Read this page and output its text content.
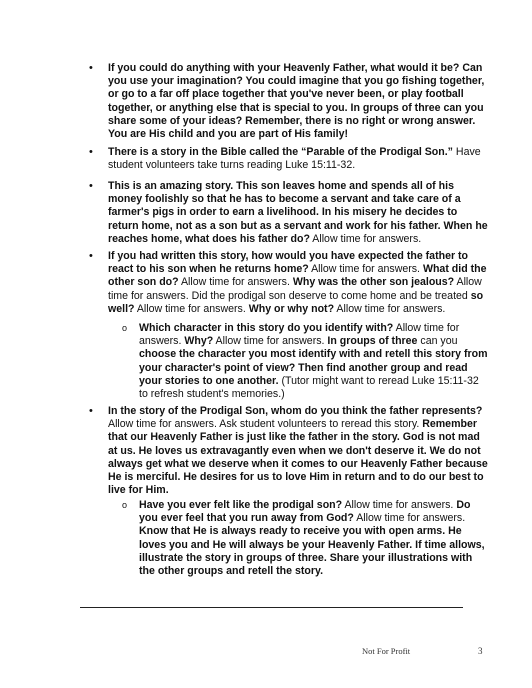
• If you could do anything with your Heavenly Father, what would it be? Can you use your imagination? You could imagine that you go fishing together, or go to a far off place together that you've never been, or play football together, or anything else that is special to you. In groups of three can you share some of your ideas? Remember, there is no right or wrong answer. You are His child and you are part of His family!
• There is a story in the Bible called the “Parable of the Prodigal Son.” Have student volunteers take turns reading Luke 15:11-32.
• This is an amazing story. This son leaves home and spends all of his money foolishly so that he has to become a servant and take care of a farmer's pigs in order to earn a livelihood. In his misery he decides to return home, not as a son but as a servant and work for his father. When he reaches home, what does his father do? Allow time for answers.
• If you had written this story, how would you have expected the father to react to his son when he returns home? Allow time for answers. What did the other son do? Allow time for answers. Why was the other son jealous? Allow time for answers. Did the prodigal son deserve to come home and be treated so well? Allow time for answers. Why or why not? Allow time for answers.
o Which character in this story do you identify with? Allow time for answers. Why? Allow time for answers. In groups of three can you choose the character you most identify with and retell this story from your character's point of view? Then find another group and read your stories to one another. (Tutor might want to reread Luke 15:11-32 to refresh student's memories.)
• In the story of the Prodigal Son, whom do you think the father represents? Allow time for answers. Ask student volunteers to reread this story. Remember that our Heavenly Father is just like the father in the story. God is not mad at us. He loves us extravagantly even when we don't deserve it. We do not always get what we deserve when it comes to our Heavenly Father because He is merciful. He desires for us to love Him in return and to do our best to live for Him.
o Have you ever felt like the prodigal son? Allow time for answers. Do you ever feel that you run away from God? Allow time for answers. Know that He is always ready to receive you with open arms. He loves you and He will always be your Heavenly Father. If time allows, illustrate the story in groups of three. Share your illustrations with the other groups and retell the story.
Not For Profit	3
